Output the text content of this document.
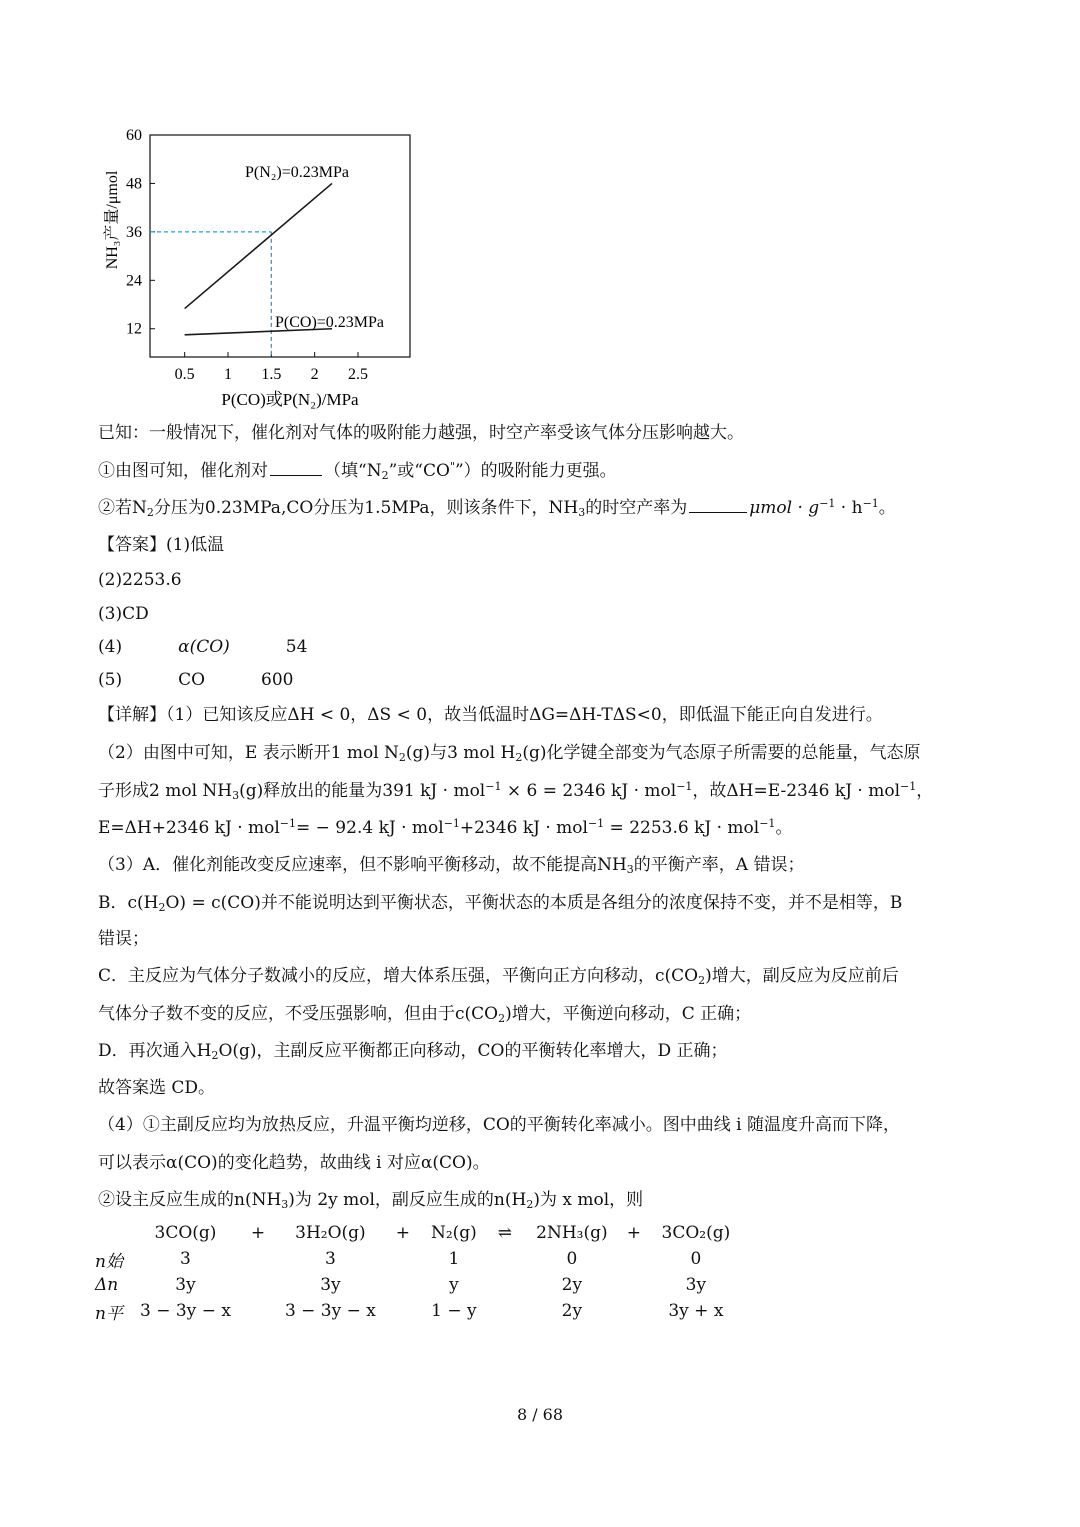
12
24
36
48
60
0.5 1 1.5 2 2.5
P(N₂)=0.23MPa
P(CO)=0.23MPa
NH₃产量/μmol
P(CO)或P(N₂)/MPa
已知：一般情况下，催化剂对气体的吸附能力越强，时空产率受该气体分压影响越大。
①由图可知，催化剂对	（填“$N_2$”或“CO"”）的吸附能力更强。
②若$N_2$分压为0.23MPa,CO分压为1.5MPa，则该条件下，$NH_3$的时空产率为	$\mu mol \cdot g^{-1} \cdot h^{-1}$。
【答案】(1)低温
(2)2253.6
(3)CD
(4)	α(CO)	54
(5)	CO	600
【详解】（1）已知该反应ΔH < 0，ΔS < 0，故当低温时ΔG=ΔH-TΔS<0，即低温下能正向自发进行。
（2）由图中可知，E 表示断开1 mol $N_2(g)$与3 mol $H_2(g)$化学键全部变为气态原子所需要的总能量，气态原
子形成2 mol $NH_3(g)$释放出的能量为391 kJ · mol$^{-1}$ × 6 = 2346 kJ · mol$^{-1}$，故ΔH=E-2346 kJ · mol$^{-1}$，
E=ΔH+2346 kJ · mol$^{-1}$= − 92.4 kJ · mol$^{-1}$+2346 kJ · mol$^{-1}$ = 2253.6 kJ · mol$^{-1}$。
（3）A．催化剂能改变反应速率，但不影响平衡移动，故不能提高$NH_3$的平衡产率，A 错误；
B．$c(H_2O) = c(CO)$并不能说明达到平衡状态，平衡状态的本质是各组分的浓度保持不变，并不是相等，B
错误；
C．主反应为气体分子数减小的反应，增大体系压强，平衡向正方向移动，$c(CO_2)$增大，副反应为反应前后
气体分子数不变的反应，不受压强影响，但由于$c(CO_2)$增大，平衡逆向移动，C 正确；
D．再次通入$H_2O(g)$，主副反应平衡都正向移动，CO的平衡转化率增大，D 正确；
故答案选 CD。
（4）①主副反应均为放热反应，升温平衡均逆移，CO的平衡转化率减小。图中曲线 i 随温度升高而下降，
可以表示α(CO)的变化趋势，故曲线 i 对应α(CO)。
②设主反应生成的$n(NH_3)$为 2y mol，副反应生成的$n(H_2)$为 x mol，则
	3CO(g)	+	3H₂O(g)	+	N₂(g)	⇌	2NH₃(g)	+	3CO₂(g)
n始	3		3		1		0		0
Δn	3y		3y		y		2y		3y
n平	3 − 3y − x		3 − 3y − x		1 − y		2y		3y + x
8 / 68
